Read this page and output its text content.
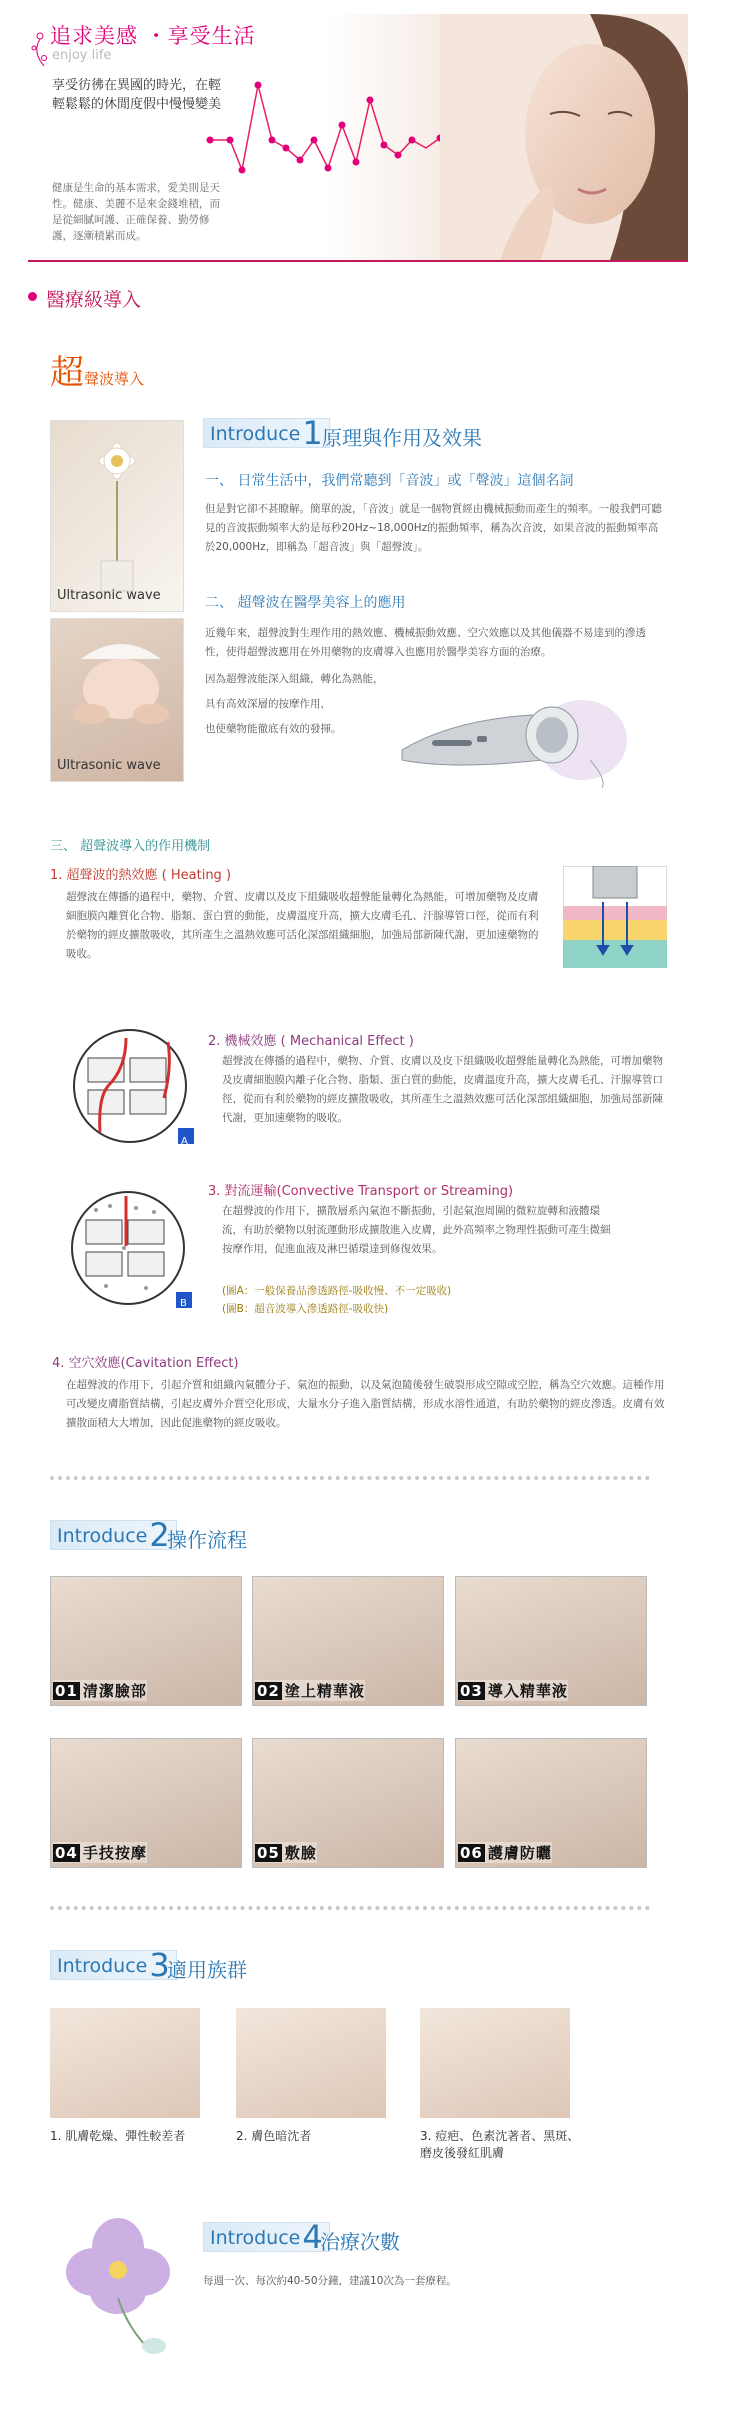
追求美感 ・享受生活
enjoy life
享受彷彿在異國的時光，在輕輕鬆鬆的休閒度假中慢慢變美
健康是生命的基本需求，愛美則是天性。健康、美麗不是來金錢堆積，而是從細膩呵護、正確保養、勤勞修護，逐漸積累而成。
醫療級導入
超聲波導入
Ultrasonic wave
Ultrasonic wave
Introduce1 原理與作用及效果
一、 日常生活中，我們常聽到「音波」或「聲波」這個名詞
但是對它卻不甚瞭解。簡單的說，「音波」就是一個物質經由機械振動而產生的頻率。一般我們可聽見的音波振動頻率大約是每秒20Hz~18,000Hz的振動頻率，稱為次音波，如果音波的振動頻率高於20,000Hz，即稱為「超音波」與「超聲波」。
二、 超聲波在醫學美容上的應用
近幾年來，超聲波對生理作用的熱效應、機械振動效應、空穴效應以及其他儀器不易達到的滲透性，使得超聲波應用在外用藥物的皮膚導入也應用於醫學美容方面的治療。
因為超聲波能深入組織，轉化為熱能，
具有高效深層的按摩作用，
也使藥物能徹底有效的發揮。
三、 超聲波導入的作用機制
1. 超聲波的熱效應 ( Heating )
超聲波在傳播的過程中，藥物、介質、皮膚以及皮下組織吸收超聲能量轉化為熱能，可增加藥物及皮膚細胞膜內離質化合物、脂類、蛋白質的動能，皮膚溫度升高，擴大皮膚毛孔、汗腺導管口徑，從而有利於藥物的經皮擴散吸收，其所產生之溫熱效應可活化深部組織細胞，加強局部新陳代謝，更加速藥物的吸收。
A
2. 機械效應 ( Mechanical Effect )
超聲波在傳播的過程中，藥物、介質、皮膚以及皮下組織吸收超聲能量轉化為熱能，可增加藥物及皮膚細胞膜內離子化合物、脂類、蛋白質的動能，皮膚溫度升高，擴大皮膚毛孔、汗腺導管口徑，從而有利於藥物的經皮擴散吸收，其所產生之溫熱效應可活化深部組織細胞，加強局部新陳代謝，更加速藥物的吸收。
B
3. 對流運輸(Convective Transport or Streaming)
在超聲波的作用下，擴散層系內氣泡不斷振動，引起氣泡周圍的微粒旋轉和液體環流，有助於藥物以射流運動形成擴散進入皮膚，此外高頻率之物理性振動可產生微細按摩作用，促進血液及淋巴循環達到修復效果。
(圖A：一般保養品滲透路徑-吸收慢、不一定吸收)
(圖B：超音波導入滲透路徑-吸收快)
4. 空穴效應(Cavitation Effect)
在超聲波的作用下，引起介質和組織內氣體分子、氣泡的振動，以及氣泡隨後發生破裂形成空隙或空腔，稱為空穴效應。這種作用可改變皮膚脂質結構，引起皮膚外介質空化形成，大量水分子進入脂質結構，形成水溶性通道，有助於藥物的經皮滲透。皮膚有效擴散面積大大增加，因此促進藥物的經皮吸收。
Introduce2
操作流程
01 清潔臉部	02 塗上精華液	03 導入精華液
04 手技按摩	05 敷臉	06 護膚防曬
Introduce3
適用族群
1. 肌膚乾燥、彈性較差者	2. 膚色暗沈者	3. 痘疤、色素沈著者、黑斑、磨皮後發紅肌膚
Introduce4
治療次數
每週一次、每次約40-50分鐘，建議10次為一套療程。
